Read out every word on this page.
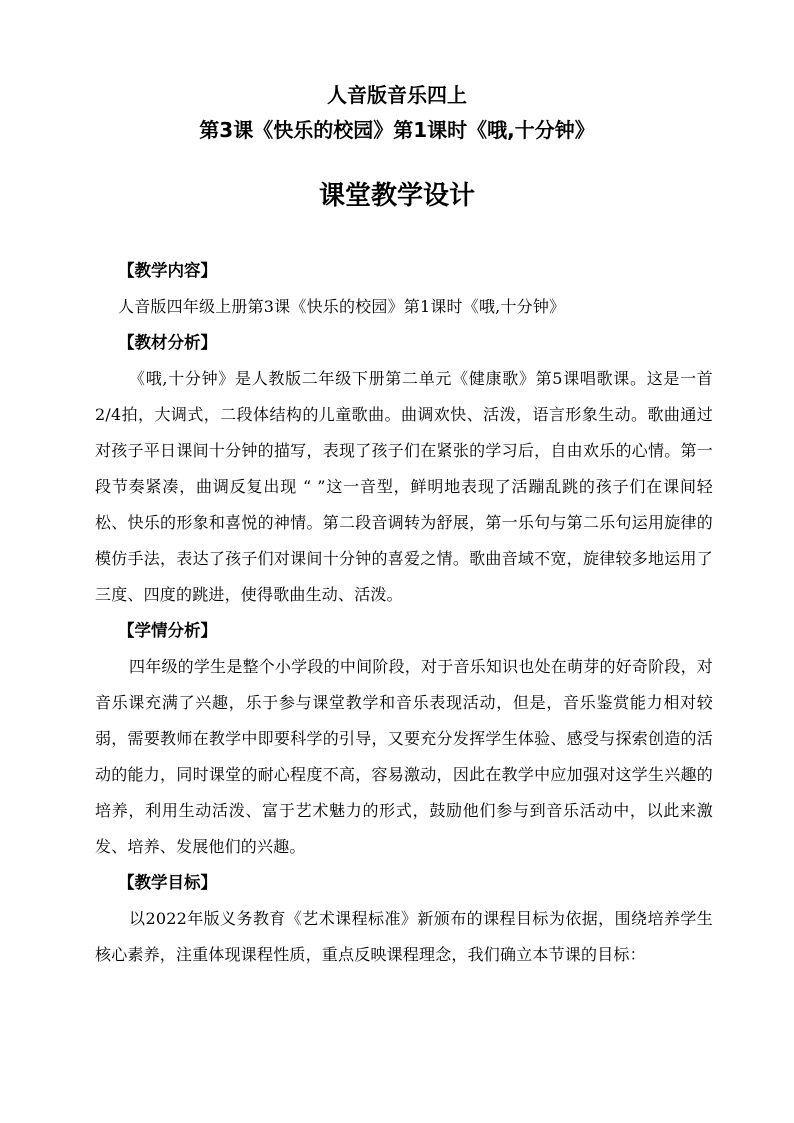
人音版音乐四上
第3课《快乐的校园》第1课时《哦,十分钟》
课堂教学设计

【教学内容】

人音版四年级上册第3课《快乐的校园》第1课时《哦,十分钟》

【教材分析】

《哦,十分钟》是人教版二年级下册第二单元《健康歌》第5课唱歌课。这是一首2/4拍，大调式，二段体结构的儿童歌曲。曲调欢快、活泼，语言形象生动。歌曲通过对孩子平日课间十分钟的描写，表现了孩子们在紧张的学习后，自由欢乐的心情。第一段节奏紧凑，曲调反复出现 “ ”这一音型，鲜明地表现了活蹦乱跳的孩子们在课间轻松、快乐的形象和喜悦的神情。第二段音调转为舒展，第一乐句与第二乐句运用旋律的模仿手法，表达了孩子们对课间十分钟的喜爱之情。歌曲音域不宽，旋律较多地运用了三度、四度的跳进，使得歌曲生动、活泼。

【学情分析】

四年级的学生是整个小学段的中间阶段，对于音乐知识也处在萌芽的好奇阶段，对音乐课充满了兴趣，乐于参与课堂教学和音乐表现活动，但是，音乐鉴赏能力相对较弱，需要教师在教学中即要科学的引导，又要充分发挥学生体验、感受与探索创造的活动的能力，同时课堂的耐心程度不高，容易激动，因此在教学中应加强对这学生兴趣的培养，利用生动活泼、富于艺术魅力的形式，鼓励他们参与到音乐活动中，以此来激发、培养、发展他们的兴趣。

【教学目标】

以2022年版义务教育《艺术课程标准》新颁布的课程目标为依据，围绕培养学生核心素养，注重体现课程性质，重点反映课程理念，我们确立本节课的目标：
